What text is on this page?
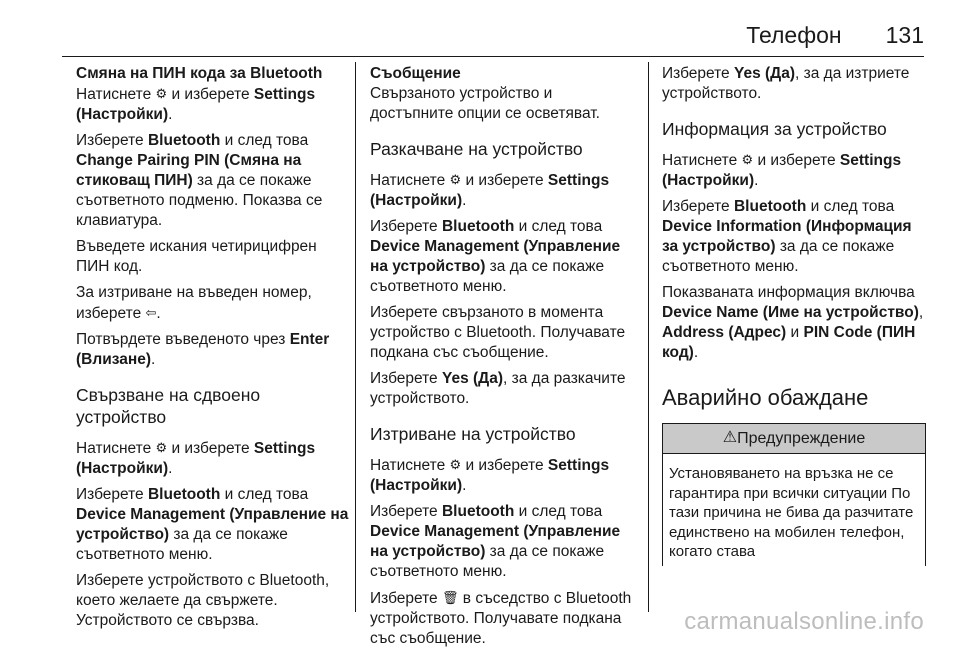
Телефон 131

Смяна на ПИН кода за Bluetooth

Натиснете ⚙ и изберете Settings (Настройки).

Изберете Bluetooth и след това Change Pairing PIN (Смяна на стиковащ ПИН) за да се покаже съответното подменю. Показва се клавиатура.

Въведете искания четирицифрен ПИН код.

За изтриване на въведен номер, изберете ⇦.

Потвърдете въведеното чрез Enter (Влизане).

Свързване на сдвоено устройство

Натиснете ⚙ и изберете Settings (Настройки).

Изберете Bluetooth и след това Device Management (Управление на устройство) за да се покаже съответното меню.

Изберете устройството с Bluetooth, което желаете да свържете. Устройството се свързва.

Съобщение

Свързаното устройство и достъпните опции се осветяват.

Разкачване на устройство

Натиснете ⚙ и изберете Settings (Настройки).

Изберете Bluetooth и след това Device Management (Управление на устройство) за да се покаже съответното меню.

Изберете свързаното в момента устройство с Bluetooth. Получавате подкана със съобщение.

Изберете Yes (Да), за да разкачите устройството.

Изтриване на устройство

Натиснете ⚙ и изберете Settings (Настройки).

Изберете Bluetooth и след това Device Management (Управление на устройство) за да се покаже съответното меню.

Изберете 🗑 в съседство с Bluetooth устройството. Получавате подкана със съобщение.

Изберете Yes (Да), за да изтриете устройството.

Информация за устройство

Натиснете ⚙ и изберете Settings (Настройки).

Изберете Bluetooth и след това Device Information (Информация за устройство) за да се покаже съответното меню.

Показваната информация включва Device Name (Име на устройство), Address (Адрес) и PIN Code (ПИН код).

Аварийно обаждане
⚠Предупреждение
Установяването на връзка не се гарантира при всички ситуации По тази причина не бива да разчитате единствено на мобилен телефон, когато става
carmanualsonline.info
